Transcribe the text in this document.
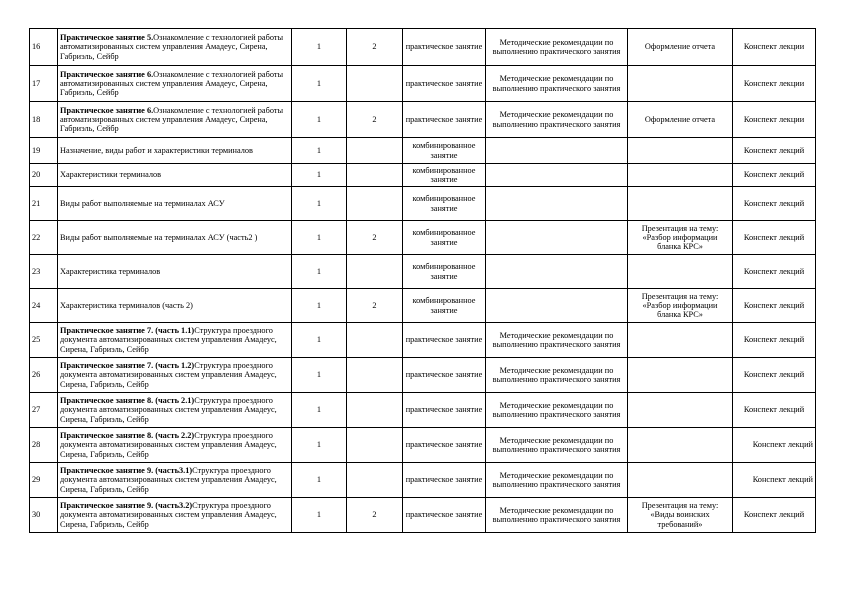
16	Практическое занятие 5.Ознакомление с технологией работы автоматизированных систем управления Амадеус, Сирена, Габриэль, Сейбр	1	2	практическое занятие	Методические рекомендации по выполнению практического занятия	Оформление отчета	Конспект лекции
17	Практическое занятие 6.Ознакомление с технологией работы автоматизированных систем управления Амадеус, Сирена, Габриэль, Сейбр	1		практическое занятие	Методические рекомендации по выполнению практического занятия		Конспект лекции
18	Практическое занятие 6.Ознакомление с технологией работы автоматизированных систем управления Амадеус, Сирена, Габриэль, Сейбр	1	2	практическое занятие	Методические рекомендации по выполнению практического занятия	Оформление отчета	Конспект лекции
19	Назначение, виды работ и характеристики терминалов	1		комбинированное занятие			Конспект лекций
20	Характеристики терминалов	1		комбинированное занятие			Конспект лекций
21	Виды работ выполняемые на терминалах АСУ	1		комбинированное занятие			Конспект лекций
22	Виды работ выполняемые на терминалах АСУ (часть2 )	1	2	комбинированное занятие		Презентация на тему: «Разбор информации бланка КРС»	Конспект лекций
23	Характеристика терминалов	1		комбинированное занятие			Конспект лекций
24	Характеристика терминалов (часть 2)	1	2	комбинированное занятие		Презентация на тему: «Разбор информации бланка КРС»	Конспект лекций
25	Практическое занятие 7. (часть 1.1)Структура проездного документа автоматизированных систем управления Амадеус, Сирена, Габриэль, Сейбр	1		практическое занятие	Методические рекомендации по выполнению практического занятия		Конспект лекций
26	Практическое занятие 7. (часть 1.2)Структура проездного документа автоматизированных систем управления Амадеус, Сирена, Габриэль, Сейбр	1		практическое занятие	Методические рекомендации по выполнению практического занятия		Конспект лекций
27	Практическое занятие 8. (часть 2.1)Структура проездного документа автоматизированных систем управления Амадеус, Сирена, Габриэль, Сейбр	1		практическое занятие	Методические рекомендации по выполнению практического занятия		Конспект лекций
28	Практическое занятие 8. (часть 2.2)Структура проездного документа автоматизированных систем управления Амадеус, Сирена, Габриэль, Сейбр	1		практическое занятие	Методические рекомендации по выполнению практического занятия		Конспект лекций
29	Практическое занятие 9. (часть3.1)Структура проездного документа автоматизированных систем управления Амадеус, Сирена, Габриэль, Сейбр	1		практическое занятие	Методические рекомендации по выполнению практического занятия		Конспект лекций
30	Практическое занятие 9. (часть3.2)Структура проездного документа автоматизированных систем управления Амадеус, Сирена, Габриэль, Сейбр	1	2	практическое занятие	Методические рекомендации по выполнению практического занятия	Презентация на тему: «Виды воинских требований»	Конспект лекций
